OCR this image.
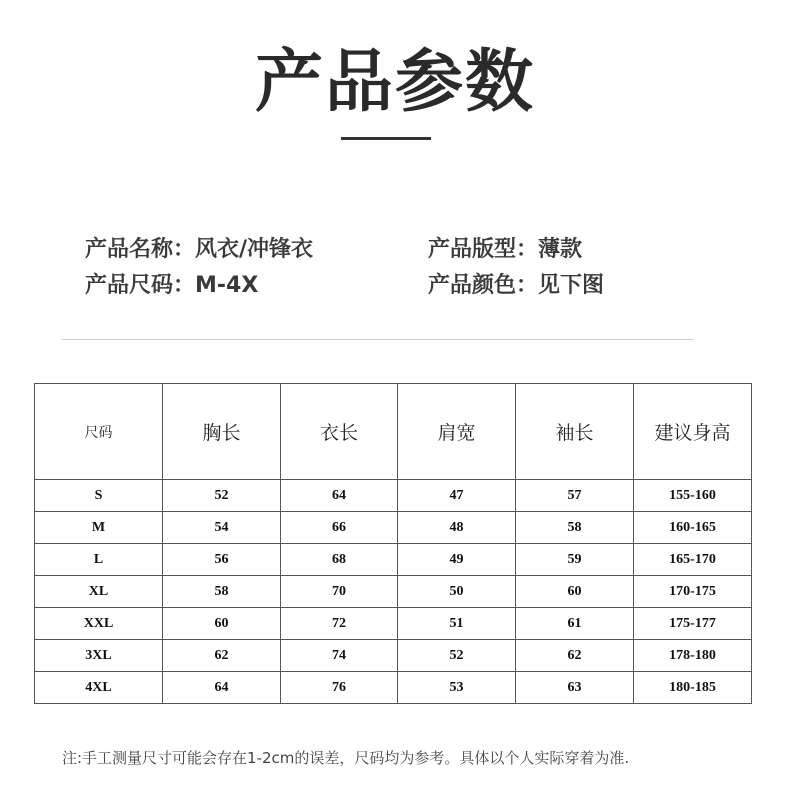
产品参数
产品名称：风衣/冲锋衣	产品版型：薄款
产品尺码：M-4X	产品颜色：见下图
尺码	胸长	衣长	肩宽	袖长	建议身高
S	52	64	47	57	155-160
M	54	66	48	58	160-165
L	56	68	49	59	165-170
XL	58	70	50	60	170-175
XXL	60	72	51	61	175-177
3XL	62	74	52	62	178-180
4XL	64	76	53	63	180-185
注:手工测量尺寸可能会存在1-2cm的误差，尺码均为参考。具体以个人实际穿着为准.
